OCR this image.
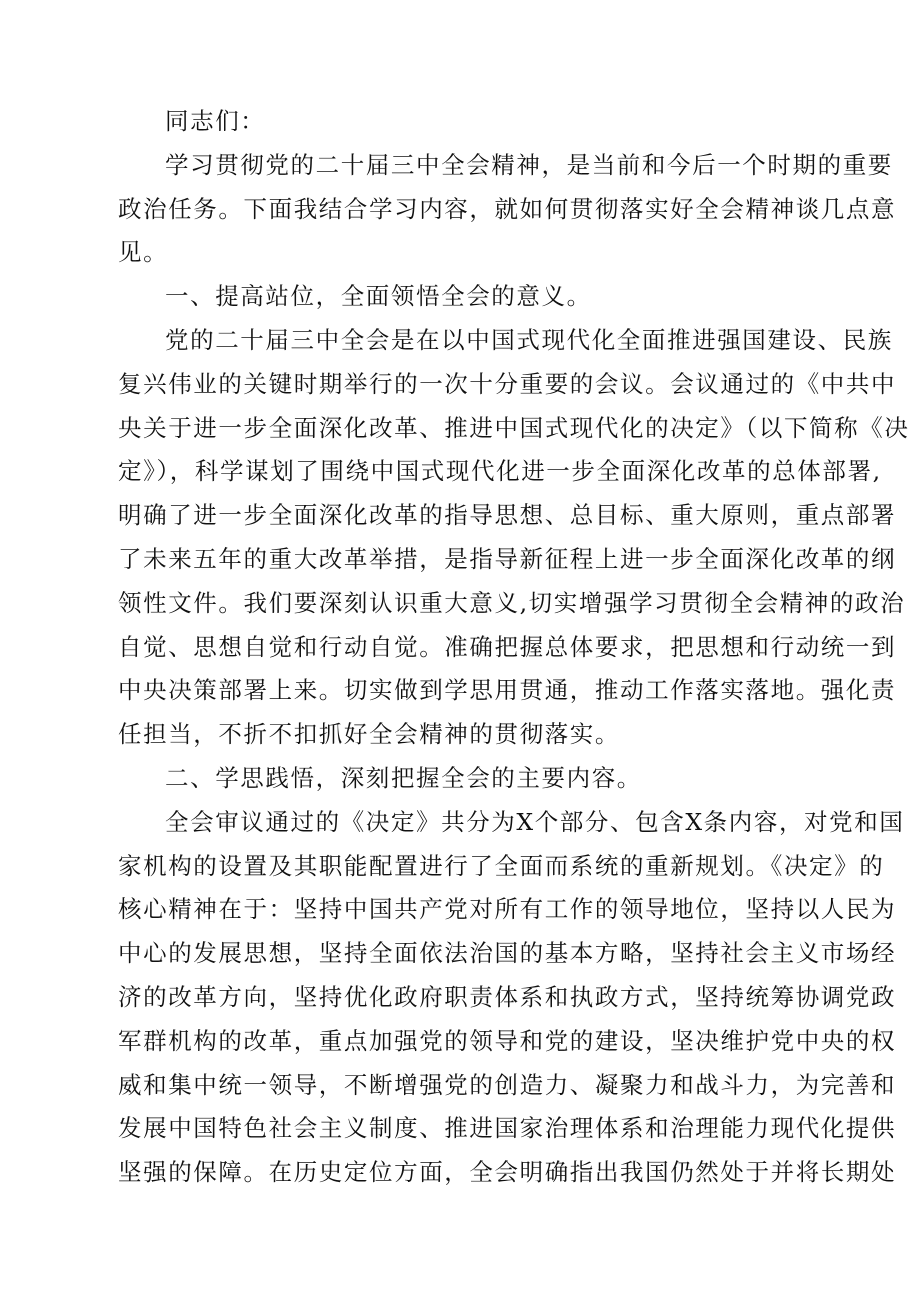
同志们：
学习贯彻党的二十届三中全会精神，是当前和今后一个时期的重要
政治任务。下面我结合学习内容，就如何贯彻落实好全会精神谈几点意
见。
一、提高站位，全面领悟全会的意义。
党的二十届三中全会是在以中国式现代化全面推进强国建设、民族
复兴伟业的关键时期举行的一次十分重要的会议。会议通过的《中共中
央关于进一步全面深化改革、推进中国式现代化的决定》（以下简称《决
定》），科学谋划了围绕中国式现代化进一步全面深化改革的总体部署,
明确了进一步全面深化改革的指导思想、总目标、重大原则，重点部署
了未来五年的重大改革举措，是指导新征程上进一步全面深化改革的纲
领性文件。我们要深刻认识重大意义,切实增强学习贯彻全会精神的政治
自觉、思想自觉和行动自觉。准确把握总体要求，把思想和行动统一到
中央决策部署上来。切实做到学思用贯通，推动工作落实落地。强化责
任担当，不折不扣抓好全会精神的贯彻落实。
二、学思践悟，深刻把握全会的主要内容。
全会审议通过的《决定》共分为X个部分、包含X条内容，对党和国
家机构的设置及其职能配置进行了全面而系统的重新规划。《决定》的
核心精神在于：坚持中国共产党对所有工作的领导地位，坚持以人民为
中心的发展思想，坚持全面依法治国的基本方略，坚持社会主义市场经
济的改革方向，坚持优化政府职责体系和执政方式，坚持统筹协调党政
军群机构的改革，重点加强党的领导和党的建设，坚决维护党中央的权
威和集中统一领导，不断增强党的创造力、凝聚力和战斗力，为完善和
发展中国特色社会主义制度、推进国家治理体系和治理能力现代化提供
坚强的保障。在历史定位方面，全会明确指出我国仍然处于并将长期处
